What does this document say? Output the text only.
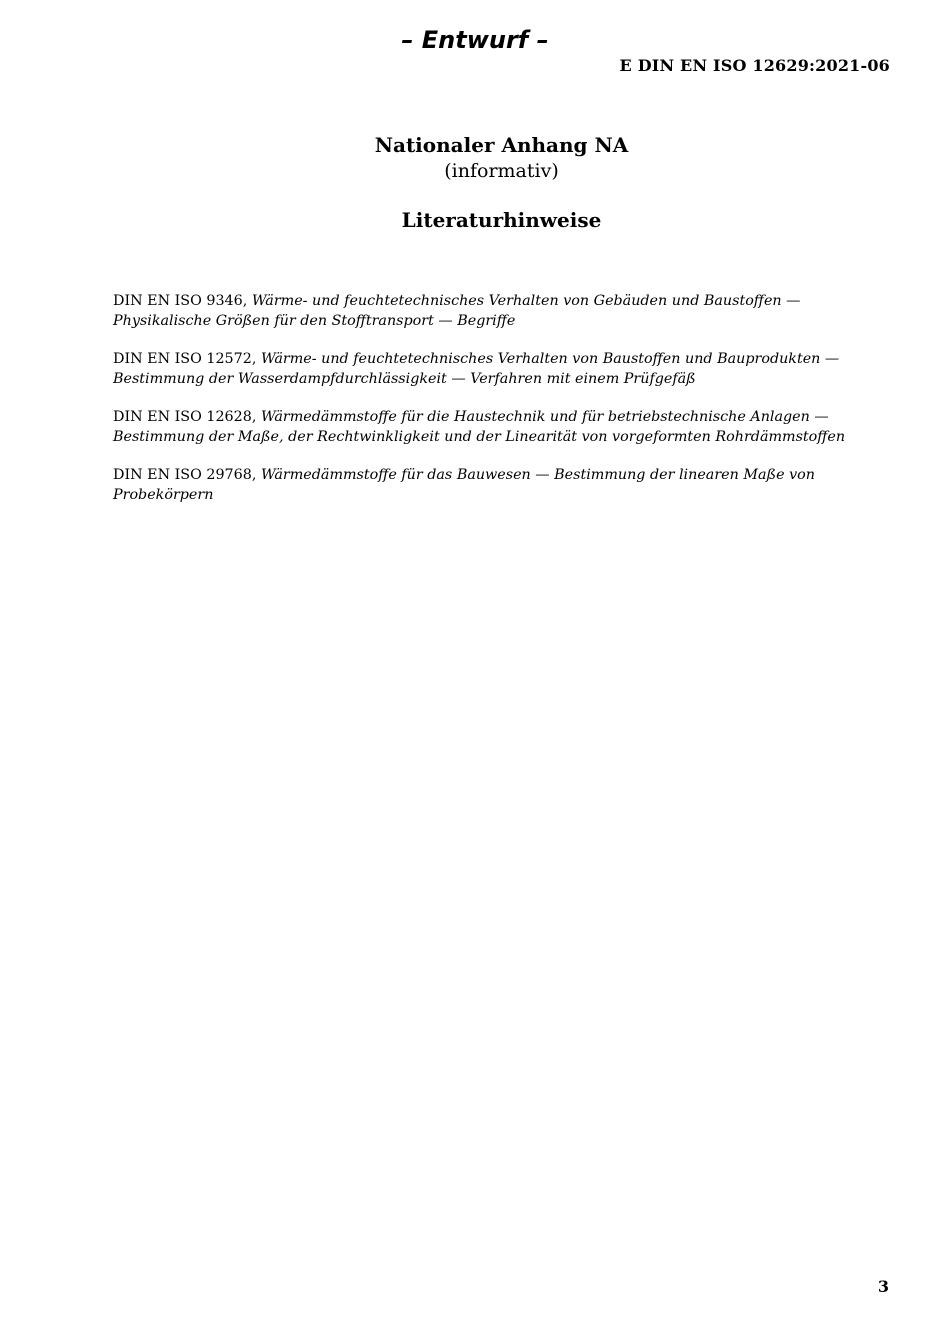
– Entwurf –
E DIN EN ISO 12629:2021-06
Nationaler Anhang NA
(informativ)
Literaturhinweise

DIN EN ISO 9346, Wärme- und feuchtetechnisches Verhalten von Gebäuden und Baustoffen — Physikalische Größen für den Stofftransport — Begriffe

DIN EN ISO 12572, Wärme- und feuchtetechnisches Verhalten von Baustoffen und Bauprodukten — Bestimmung der Wasserdampfdurchlässigkeit — Verfahren mit einem Prüfgefäß

DIN EN ISO 12628, Wärmedämmstoffe für die Haustechnik und für betriebstechnische Anlagen — Bestimmung der Maße, der Rechtwinkligkeit und der Linearität von vorgeformten Rohrdämmstoffen

DIN EN ISO 29768, Wärmedämmstoffe für das Bauwesen — Bestimmung der linearen Maße von Probekörpern

3
